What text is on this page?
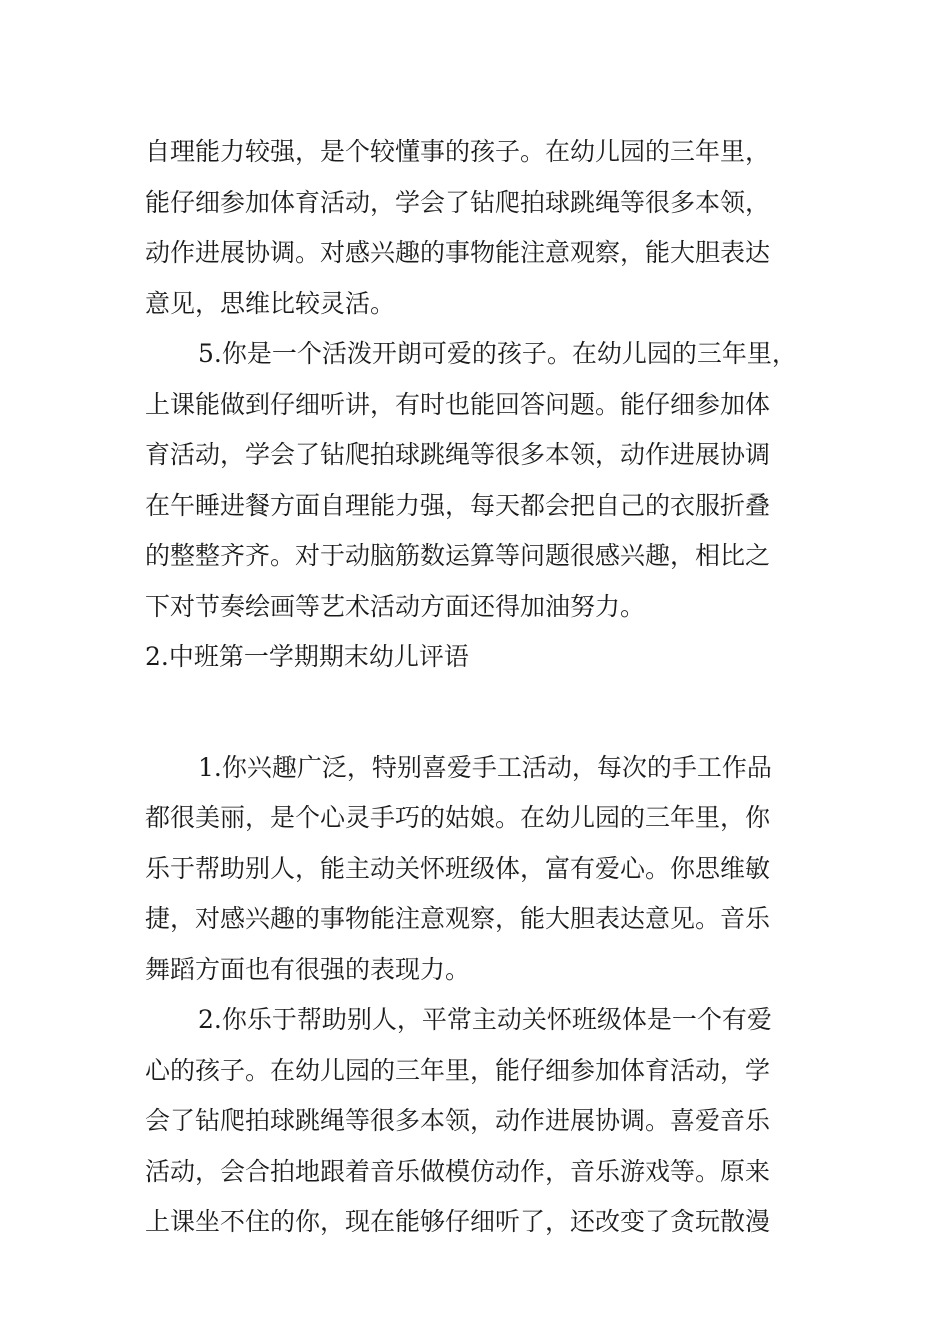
自理能力较强，是个较懂事的孩子。在幼儿园的三年里，
能仔细参加体育活动，学会了钻爬拍球跳绳等很多本领，
动作进展协调。对感兴趣的事物能注意观察，能大胆表达
意见，思维比较灵活。
5.你是一个活泼开朗可爱的孩子。在幼儿园的三年里，
上课能做到仔细听讲，有时也能回答问题。能仔细参加体
育活动，学会了钻爬拍球跳绳等很多本领，动作进展协调
在午睡进餐方面自理能力强，每天都会把自己的衣服折叠
的整整齐齐。对于动脑筋数运算等问题很感兴趣，相比之
下对节奏绘画等艺术活动方面还得加油努力。
2.中班第一学期期末幼儿评语
1.你兴趣广泛，特别喜爱手工活动，每次的手工作品
都很美丽，是个心灵手巧的姑娘。在幼儿园的三年里，你
乐于帮助别人，能主动关怀班级体，富有爱心。你思维敏
捷，对感兴趣的事物能注意观察，能大胆表达意见。音乐
舞蹈方面也有很强的表现力。
2.你乐于帮助别人，平常主动关怀班级体是一个有爱
心的孩子。在幼儿园的三年里，能仔细参加体育活动，学
会了钻爬拍球跳绳等很多本领，动作进展协调。喜爱音乐
活动，会合拍地跟着音乐做模仿动作，音乐游戏等。原来
上课坐不住的你，现在能够仔细听了，还改变了贪玩散漫
